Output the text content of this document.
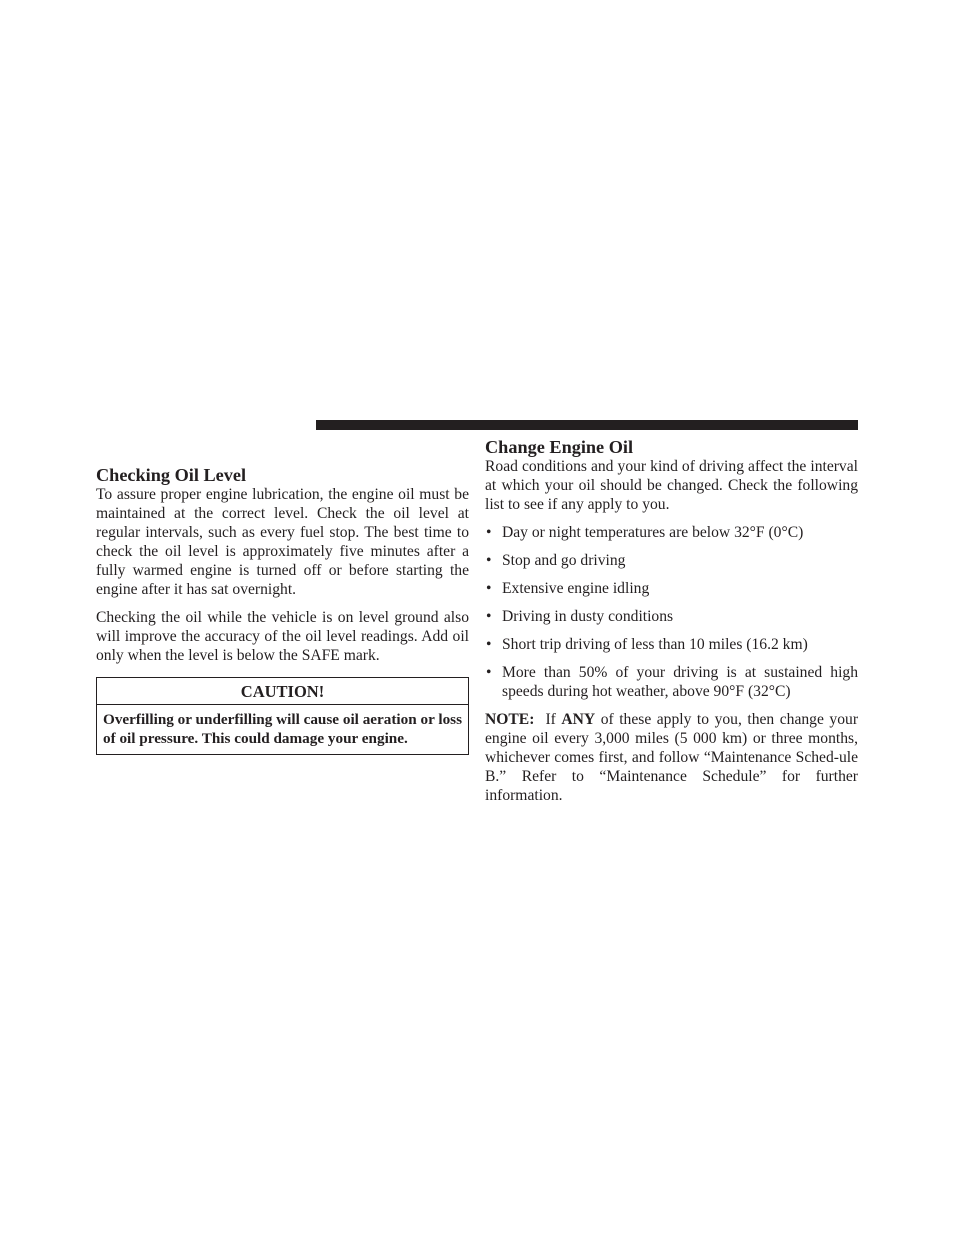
Checking Oil Level

To assure proper engine lubrication, the engine oil must be maintained at the correct level. Check the oil level at regular intervals, such as every fuel stop. The best time to check the oil level is approximately five minutes after a fully warmed engine is turned off or before starting the engine after it has sat overnight.

Checking the oil while the vehicle is on level ground also will improve the accuracy of the oil level readings. Add oil only when the level is below the SAFE mark.

CAUTION!
Overfilling or underfilling will cause oil aeration or loss of oil pressure. This could damage your engine.
Change Engine Oil

Road conditions and your kind of driving affect the interval at which your oil should be changed. Check the following list to see if any apply to you.

• Day or night temperatures are below 32°F (0°C)
• Stop and go driving
• Extensive engine idling
• Driving in dusty conditions
• Short trip driving of less than 10 miles (16.2 km)
• More than 50% of your driving is at sustained high speeds during hot weather, above 90°F (32°C)

NOTE: If ANY of these apply to you, then change your engine oil every 3,000 miles (5 000 km) or three months, whichever comes first, and follow “Maintenance Sched-ule B.” Refer to “Maintenance Schedule” for further information.
